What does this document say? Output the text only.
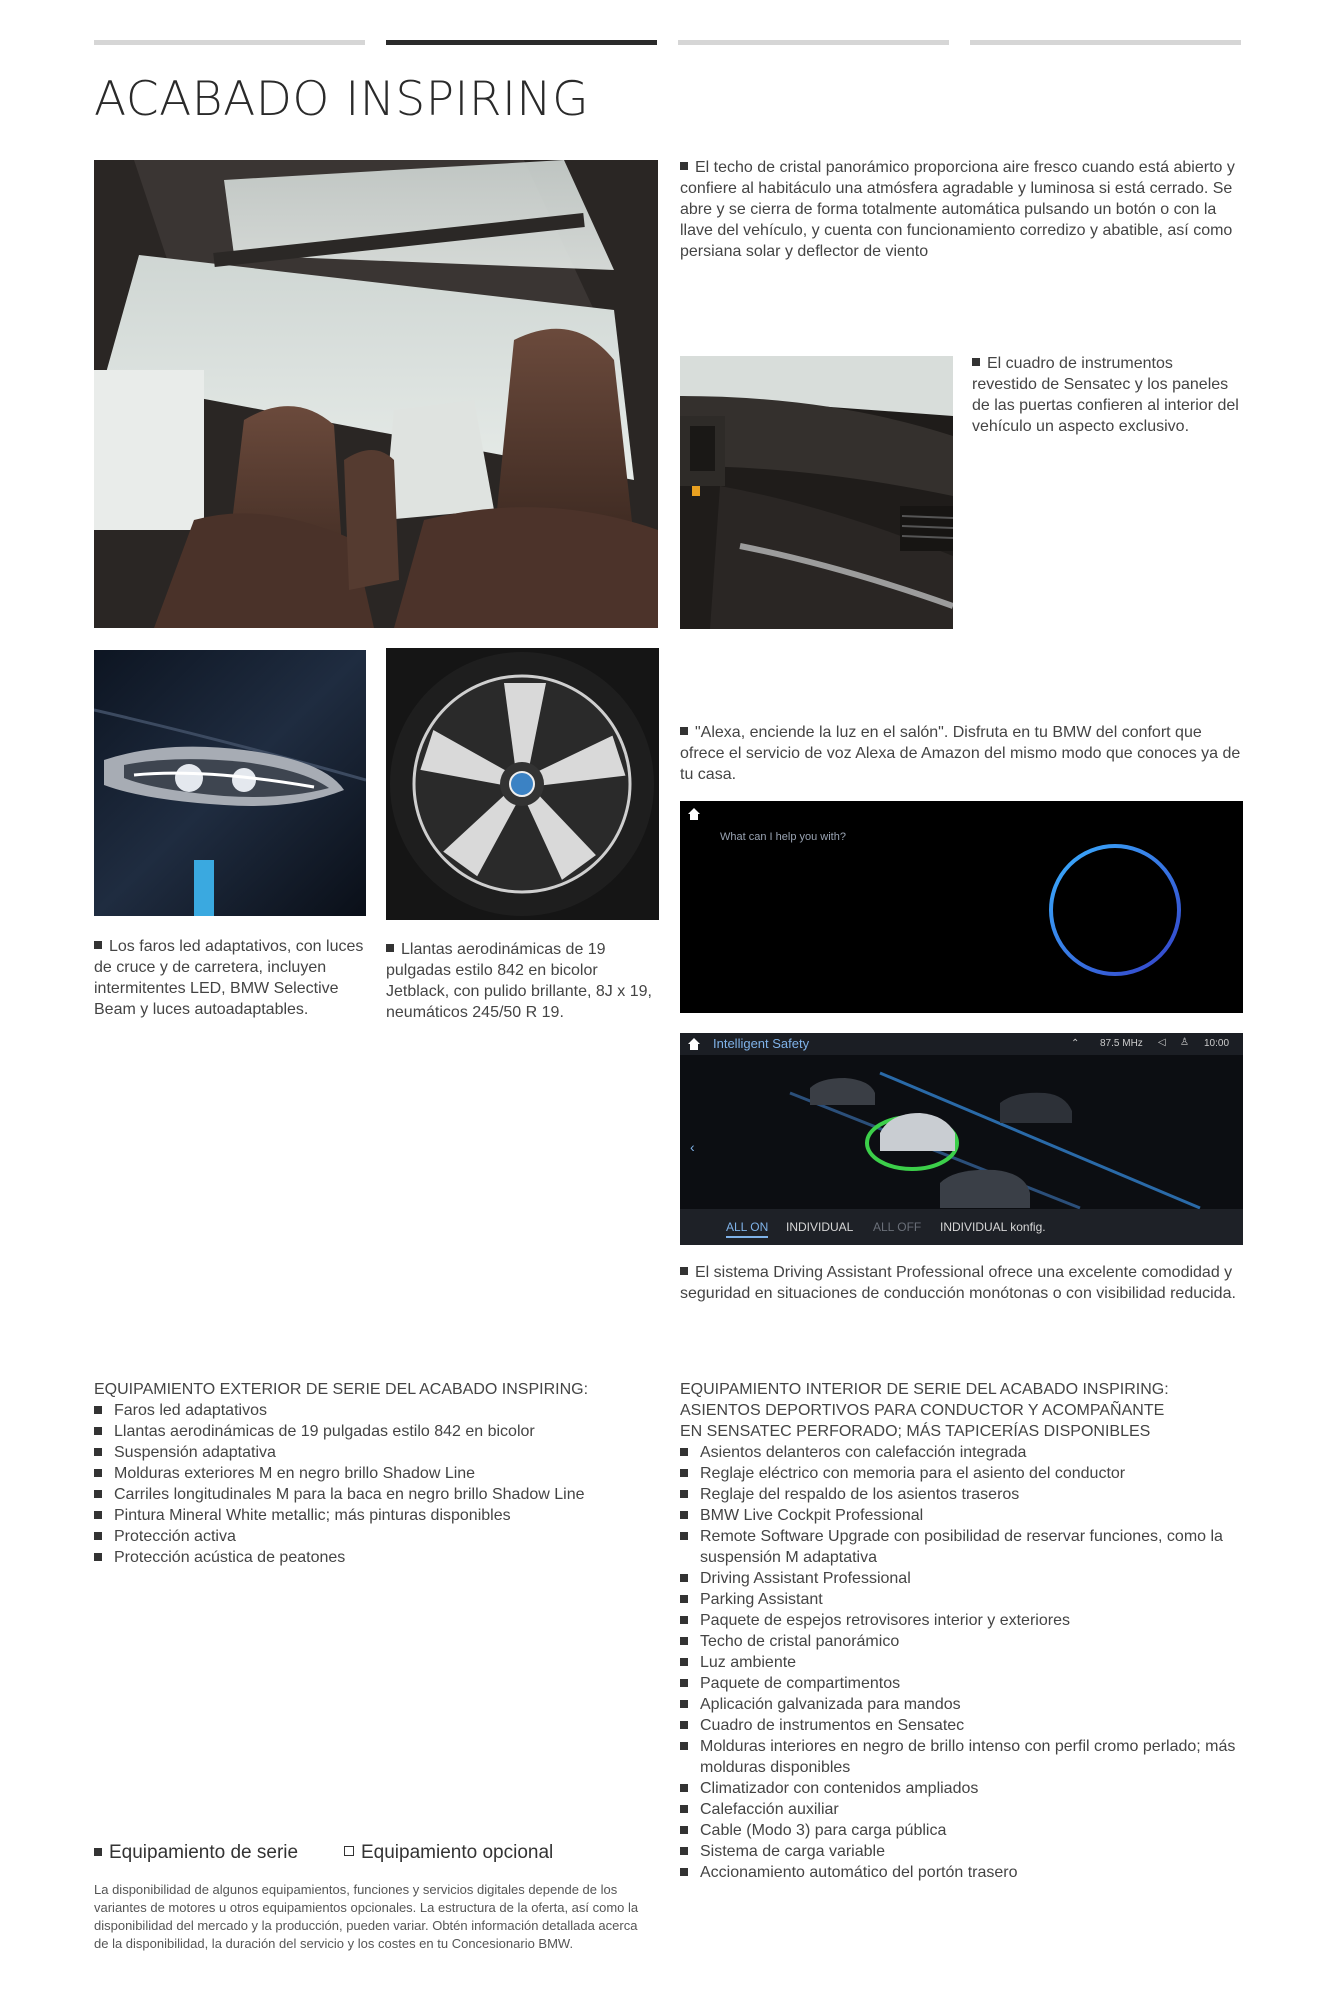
ACABADO INSPIRING
El techo de cristal panorámico proporciona aire fresco cuando está abierto y confiere al habitáculo una atmósfera agradable y luminosa si está cerrado. Se abre y se cierra de forma totalmente automática pulsando un botón o con la llave del vehículo, y cuenta con funcionamiento corredizo y abatible, así como persiana solar y deflector de viento
El cuadro de instrumentos revestido de Sensatec y los paneles de las puertas confieren al interior del vehículo un aspecto exclusivo.
Los faros led adaptativos, con luces de cruce y de carretera, incluyen intermitentes LED, BMW Selective Beam y luces autoadaptables.
Llantas aerodinámicas de 19 pulgadas estilo 842 en bicolor Jetblack, con pulido brillante, 8J x 19, neumáticos 245/50 R 19.
"Alexa, enciende la luz en el salón". Disfruta en tu BMW del confort que ofrece el servicio de voz Alexa de Amazon del mismo modo que conoces ya de tu casa.
What can I help you with?
Intelligent Safety	⌃ 87.5 MHz ◁ ♙ 10:00
‹
ALL ON INDIVIDUAL ALL OFF INDIVIDUAL konfig.
El sistema Driving Assistant Professional ofrece una excelente comodidad y seguridad en situaciones de conducción monótonas o con visibilidad reducida.
EQUIPAMIENTO EXTERIOR DE SERIE DEL ACABADO INSPIRING:
Faros led adaptativos
Llantas aerodinámicas de 19 pulgadas estilo 842 en bicolor
Suspensión adaptativa
Molduras exteriores M en negro brillo Shadow Line
Carriles longitudinales M para la baca en negro brillo Shadow Line
Pintura Mineral White metallic; más pinturas disponibles
Protección activa
Protección acústica de peatones
EQUIPAMIENTO INTERIOR DE SERIE DEL ACABADO INSPIRING:
ASIENTOS DEPORTIVOS PARA CONDUCTOR Y ACOMPAÑANTE
EN SENSATEC PERFORADO; MÁS TAPICERÍAS DISPONIBLES
Asientos delanteros con calefacción integrada
Reglaje eléctrico con memoria para el asiento del conductor
Reglaje del respaldo de los asientos traseros
BMW Live Cockpit Professional
Remote Software Upgrade con posibilidad de reservar funciones, como la suspensión M adaptativa
Driving Assistant Professional
Parking Assistant
Paquete de espejos retrovisores interior y exteriores
Techo de cristal panorámico
Luz ambiente
Paquete de compartimentos
Aplicación galvanizada para mandos
Cuadro de instrumentos en Sensatec
Molduras interiores en negro de brillo intenso con perfil cromo perlado; más molduras disponibles
Climatizador con contenidos ampliados
Calefacción auxiliar
Cable (Modo 3) para carga pública
Sistema de carga variable
Accionamiento automático del portón trasero
Equipamiento de serie	Equipamiento opcional
La disponibilidad de algunos equipamientos, funciones y servicios digitales depende de los variantes de motores u otros equipamientos opcionales. La estructura de la oferta, así como la disponibilidad del mercado y la producción, pueden variar. Obtén información detallada acerca de la disponibilidad, la duración del servicio y los costes en tu Concesionario BMW.
